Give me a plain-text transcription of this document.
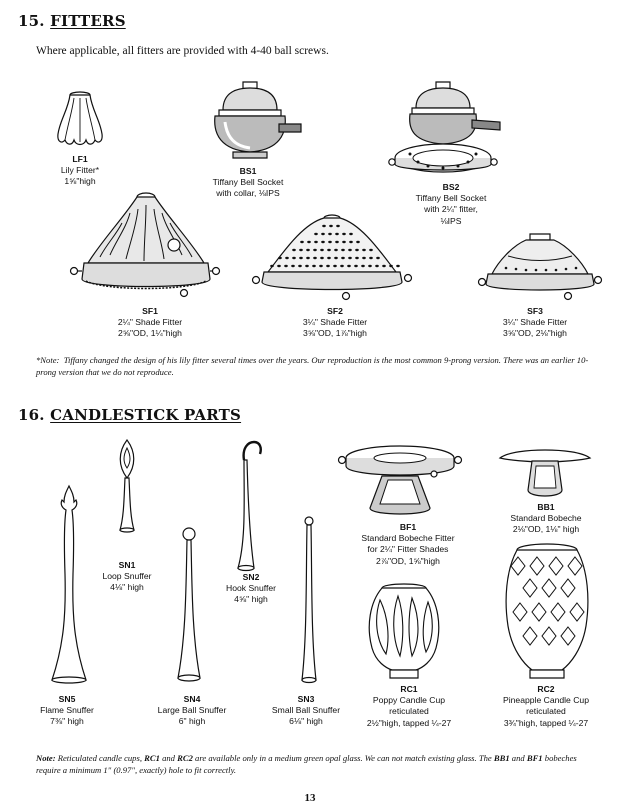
15. FITTERS
Where applicable, all fitters are provided with 4-40 ball screws.
LF1
Lily Fitter*
1⅝"high
BS1
Tiffany Bell Socket
with collar, ⅛IPS
BS2
Tiffany Bell Socket
with 2¼" fitter,
⅛IPS
SF1
2¼" Shade Fitter
2⅝"OD, 1¼"high
SF2
3¼" Shade Fitter
3⅝"OD, 1⅞"high
SF3
3¼" Shade Fitter
3⅝"OD, 2⅛"high
*Note: Tiffany changed the design of his lily fitter several times over the years. Our reproduction is the most common 9-prong version. There was an earlier 10-prong version that we do not reproduce.
16. CANDLESTICK PARTS
SN1
Loop Snuffer
4⅛" high
SN2
Hook Snuffer
4⅝" high
BF1
Standard Bobeche Fitter
for 2¼" Fitter Shades
2⅞"OD, 1⅝"high
BB1
Standard Bobeche
2⅛"OD, 1⅛" high
SN5
Flame Snuffer
7⅜" high
SN4
Large Ball Snuffer
6" high
SN3
Small Ball Snuffer
6⅛" high
RC1
Poppy Candle Cup
reticulated
2½"high, tapped ¼-27
RC2
Pineapple Candle Cup
reticulated
3¾"high, tapped ¼-27
Note: Reticulated candle cups, RC1 and RC2 are available only in a medium green opal glass. We can not match existing glass. The BB1 and BF1 bobeches require a minimum 1" (0.97", exactly) hole to fit correctly.
13
